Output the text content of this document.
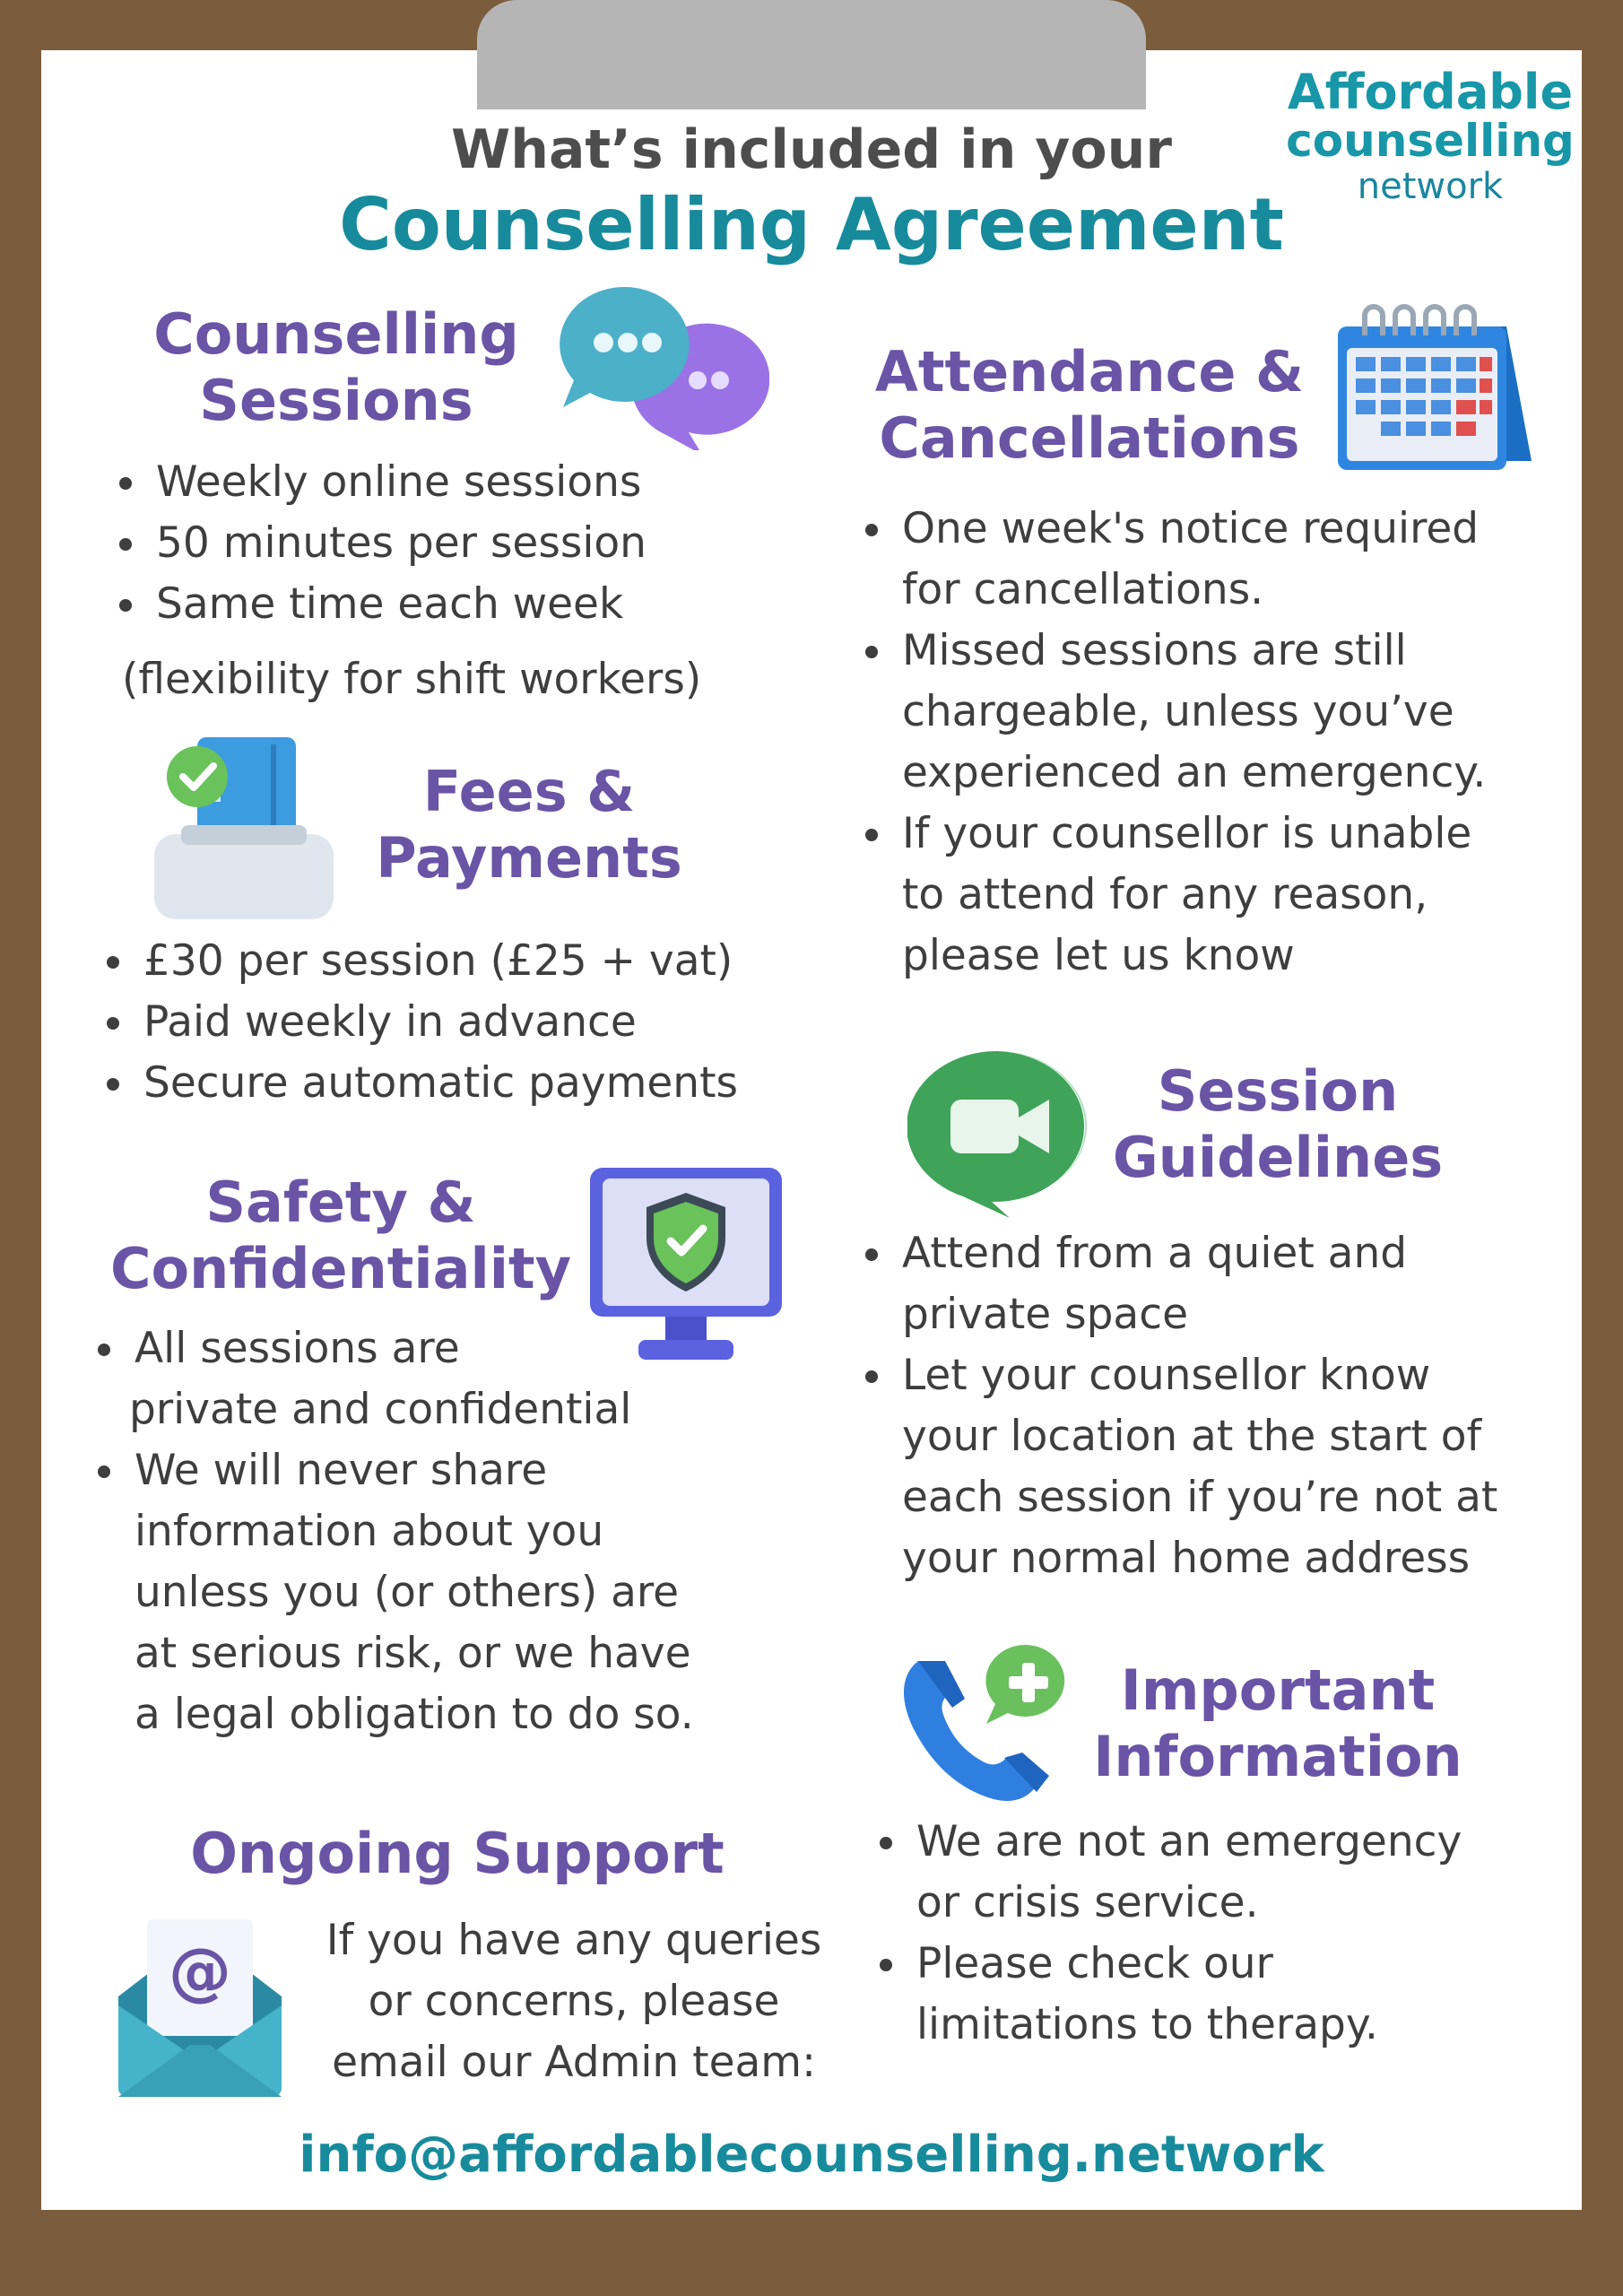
What’s included in your
Counselling Agreement
Affordable
counselling
network
Counselling
Sessions
• Weekly online sessions
• 50 minutes per session
• Same time each week
(flexibility for shift workers)
Fees &
Payments
• £30 per session (£25 + vat)
• Paid weekly in advance
• Secure automatic payments
Safety &
Confidentiality
• All sessions are
private and confidential
• We will never share
information about you
unless you (or others) are
at serious risk, or we have
a legal obligation to do so.
Ongoing Support
@	If you have any queries
or concerns, please
email our Admin team:
Attendance &
Cancellations
• One week's notice required
for cancellations.
• Missed sessions are still
chargeable, unless you’ve
experienced an emergency.
• If your counsellor is unable
to attend for any reason,
please let us know
Session
Guidelines
• Attend from a quiet and
private space
• Let your counsellor know
your location at the start of
each session if you’re not at
your normal home address
Important
Information
• We are not an emergency
or crisis service.
• Please check our
limitations to therapy.
info@affordablecounselling.network
